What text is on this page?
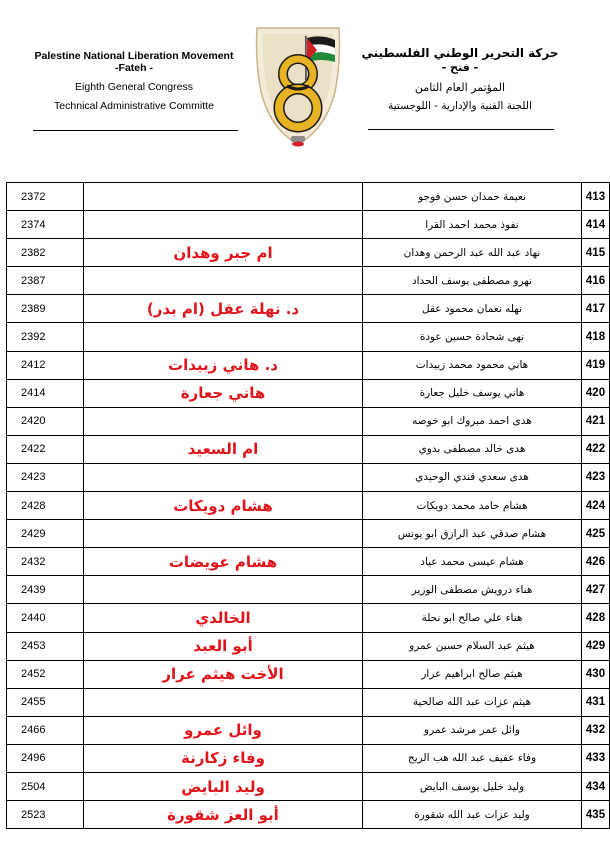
Palestine National Liberation Movement
-Fateh -
Eighth General Congress
Technical Administrative Committe
حركة التحرير الوطني الفلسطيني
- فتح -
المؤتمر العام الثامن
اللجنة الفنية والإدارية - اللوجستية
2372		نعيمة حمدان حسن فوجو	413
2374		نفوذ محمد احمد القرا	414
2382	ام جبر وهدان	نهاد عبد الله عبد الرحمن وهدان	415
2387		نهرو مصطفى يوسف الحداد	416
2389	د. نهلة عقل (ام بدر)	نهله نعمان محمود عقل	417
2392		نهى شحادة حسين عودة	418
2412	د. هاني زبيدات	هاني محمود محمد زبيدات	419
2414	هاني جعارة	هاني يوسف خليل جعارة	420
2420		هدى احمد مبروك ابو خوصه	421
2422	ام السعيد	هدى خالد مصطفى بدوي	422
2423		هدى سعدي قندي الوحيدي	423
2428	هشام دويكات	هشام حامد محمد دويكات	424
2429		هشام صدقي عبد الرازق ابو يونس	425
2432	هشام عويضات	هشام عيسى محمد عياد	426
2439		هناء درويش مصطفى الوزير	427
2440	الخالدي	هناء علي صالح ابو نحلة	428
2453	أبو العبد	هيثم عبد السلام حسين عمرو	429
2452	الأخت هيثم عرار	هيثم صالح ابراهيم عرار	430
2455		هيثم عزات عبد الله صالحية	431
2466	وائل عمرو	وائل عمر مرشد عمرو	432
2496	وفاء زكارنة	وفاء عفيف عبد الله هب الريح	433
2504	وليد البايض	وليد خليل يوسف البايض	434
2523	أبو العز شقورة	وليد عزات عبد الله شقورة	435
